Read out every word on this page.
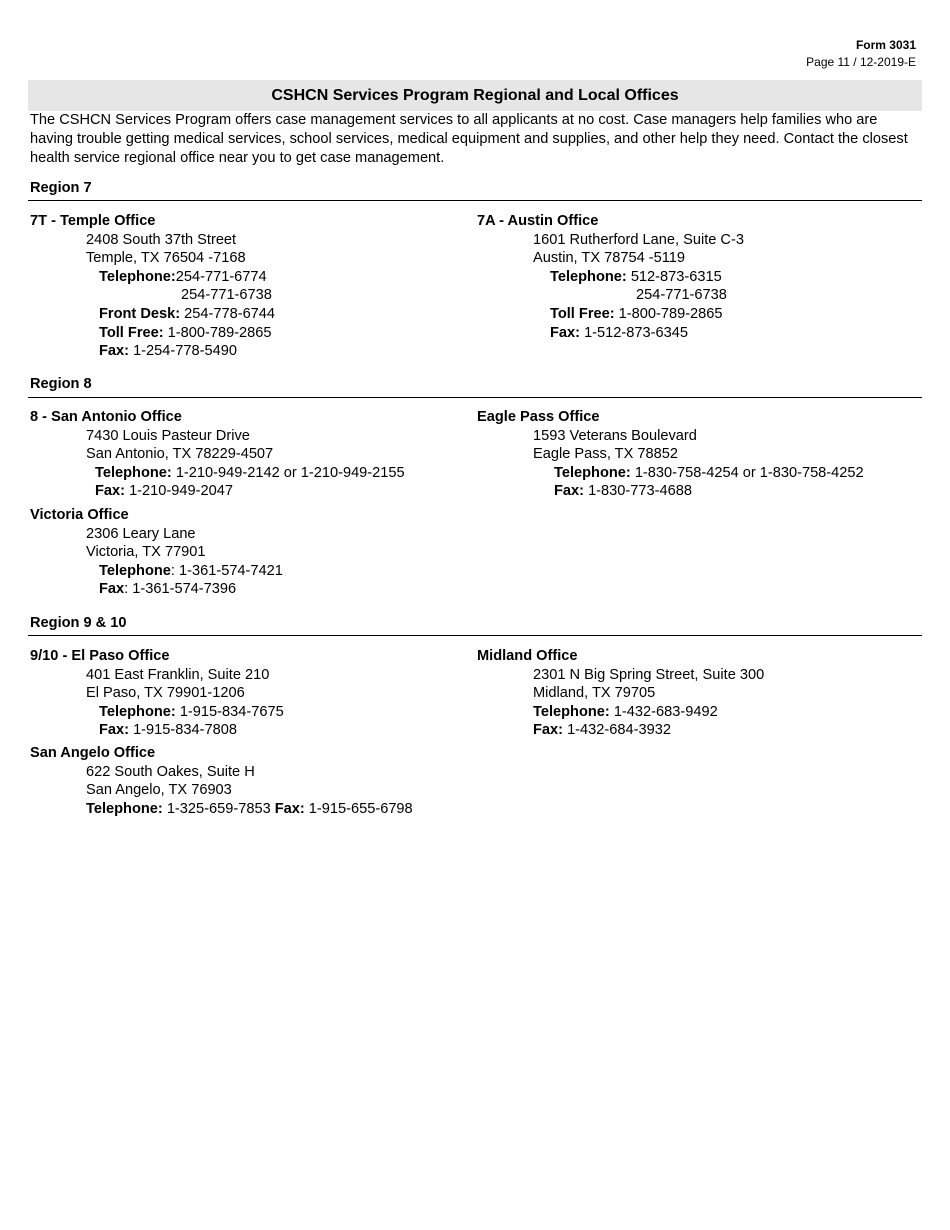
Form 3031
Page 11 / 12-2019-E
CSHCN Services Program Regional and Local Offices
The CSHCN Services Program offers case management services to all applicants at no cost. Case managers help families who are having trouble getting medical services, school services, medical equipment and supplies, and other help they need. Contact the closest health service regional office near you to get case management.
Region 7
7T - Temple Office
2408 South 37th Street
Temple, TX 76504 -7168
Telephone:254-771-6774
254-771-6738
Front Desk: 254-778-6744
Toll Free: 1-800-789-2865
Fax: 1-254-778-5490
7A - Austin Office
1601 Rutherford Lane, Suite C-3
Austin, TX 78754 -5119
Telephone: 512-873-6315
254-771-6738
Toll Free: 1-800-789-2865
Fax: 1-512-873-6345
Region 8
8 - San Antonio Office
7430 Louis Pasteur Drive
San Antonio, TX 78229-4507
Telephone: 1-210-949-2142 or 1-210-949-2155
Fax: 1-210-949-2047
Eagle Pass Office
1593 Veterans Boulevard
Eagle Pass, TX 78852
Telephone: 1-830-758-4254 or 1-830-758-4252
Fax: 1-830-773-4688
Victoria Office
2306 Leary Lane
Victoria, TX 77901
Telephone: 1-361-574-7421
Fax: 1-361-574-7396
Region 9 & 10
9/10 - El Paso Office
401 East Franklin, Suite 210
El Paso, TX 79901-1206
Telephone: 1-915-834-7675
Fax: 1-915-834-7808
Midland Office
2301 N Big Spring Street, Suite 300
Midland, TX 79705
Telephone: 1-432-683-9492
Fax: 1-432-684-3932
San Angelo Office
622 South Oakes, Suite H
San Angelo, TX 76903
Telephone: 1-325-659-7853 Fax: 1-915-655-6798
